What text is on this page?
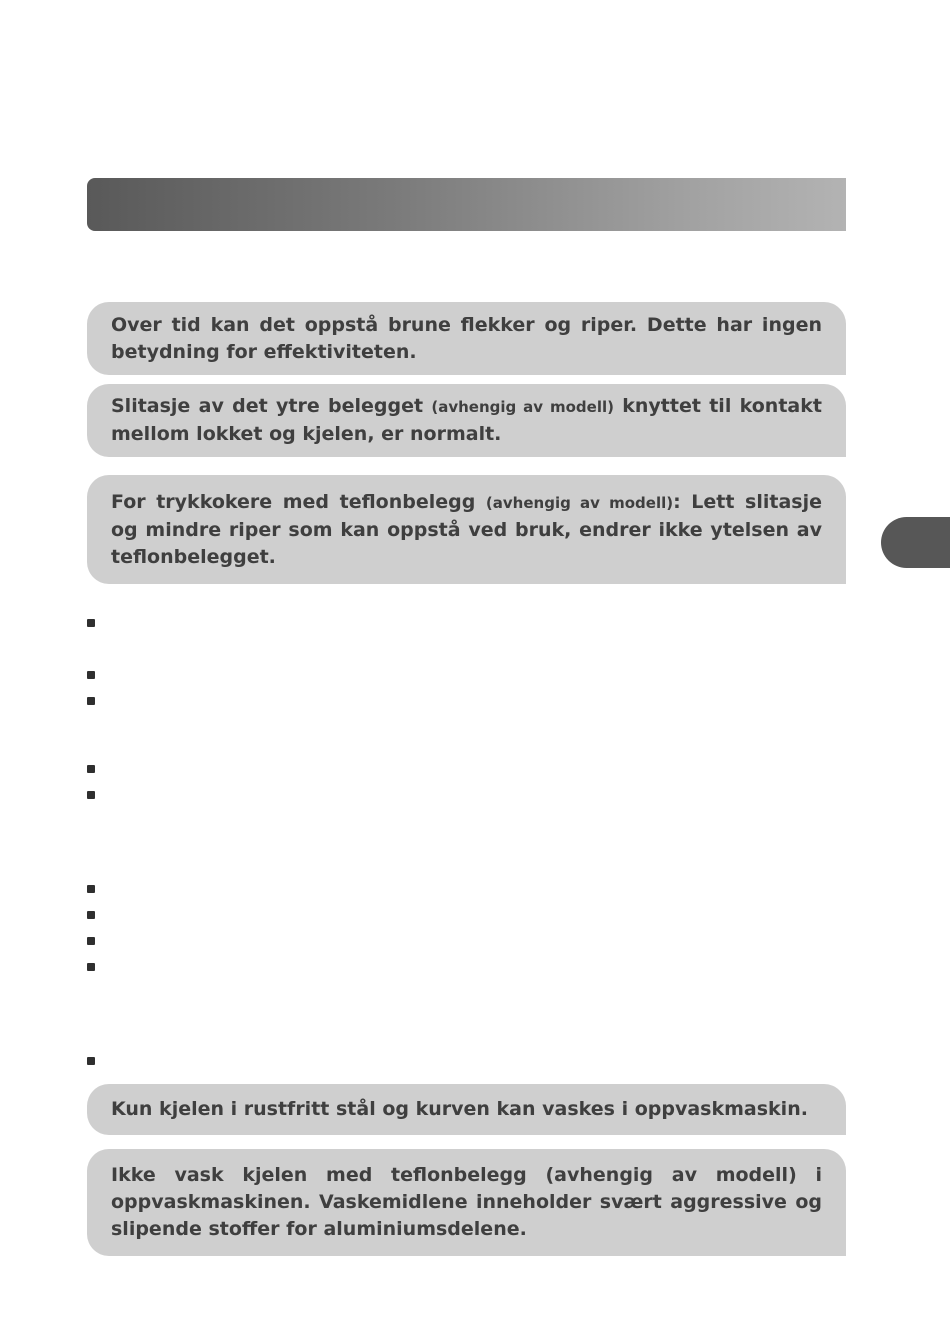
Over tid kan det oppstå brune flekker og riper. Dette har ingen betydning for effektiviteten.

Slitasje av det ytre belegget (avhengig av modell) knyttet til kontakt mellom lokket og kjelen, er normalt.

For trykkokere med teflonbelegg (avhengig av modell): Lett slitasje og mindre riper som kan oppstå ved bruk, endrer ikke ytelsen av teflonbelegget.

Kun kjelen i rustfritt stål og kurven kan vaskes i oppvaskmaskin.

Ikke vask kjelen med teflonbelegg (avhengig av modell) i oppvaskmaskinen. Vaskemidlene inneholder svært aggressive og slipende stoffer for aluminiumsdelene.
